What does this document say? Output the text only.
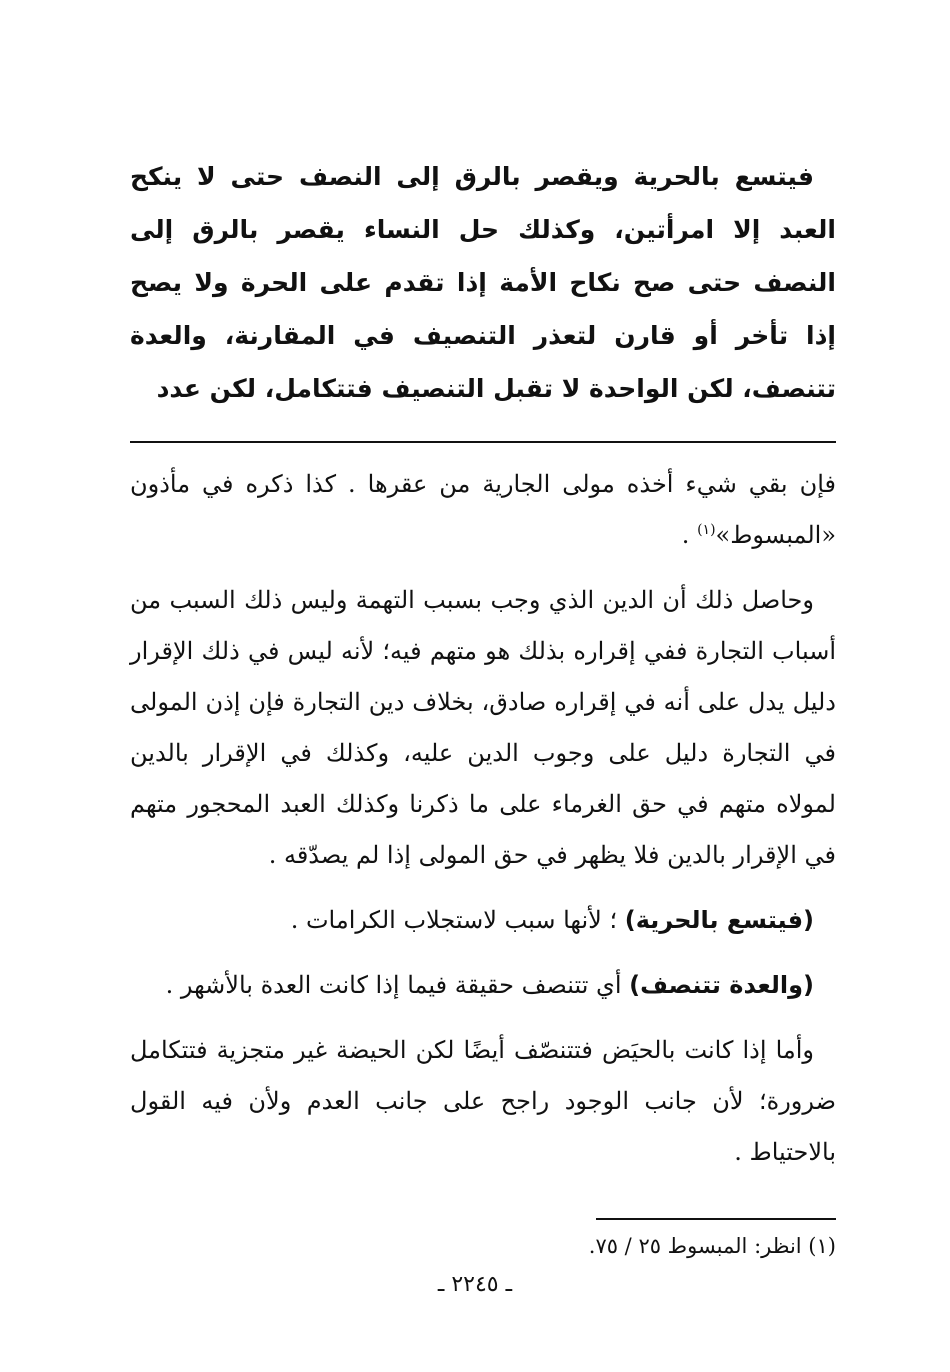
فيتسع بالحرية ويقصر بالرق إلى النصف حتى لا ينكح العبد إلا امرأتين، وكذلك حل النساء يقصر بالرق إلى النصف حتى صح نكاح الأمة إذا تقدم على الحرة ولا يصح إذا تأخر أو قارن لتعذر التنصيف في المقارنة، والعدة تتنصف، لكن الواحدة لا تقبل التنصيف فتتكامل، لكن عدد

فإن بقي شيء أخذه مولى الجارية من عقرها . كذا ذكره في مأذون «المبسوط»$^{(١)}$ .

وحاصل ذلك أن الدين الذي وجب بسبب التهمة وليس ذلك السبب من أسباب التجارة ففي إقراره بذلك هو متهم فيه؛ لأنه ليس في ذلك الإقرار دليل يدل على أنه في إقراره صادق، بخلاف دين التجارة فإن إذن المولى في التجارة دليل على وجوب الدين عليه، وكذلك في الإقرار بالدين لمولاه متهم في حق الغرماء على ما ذكرنا وكذلك العبد المحجور متهم في الإقرار بالدين فلا يظهر في حق المولى إذا لم يصدّقه .

(فيتسع بالحرية) ؛ لأنها سبب لاستجلاب الكرامات .

(والعدة تتنصف) أي تتنصف حقيقة فيما إذا كانت العدة بالأشهر .

وأما إذا كانت بالحيَض فتتنصّف أيضًا لكن الحيضة غير متجزية فتتكامل ضرورة؛ لأن جانب الوجود راجح على جانب العدم ولأن فيه القول بالاحتياط .

(١) انظر: المبسوط ٢٥ / ٧٥.
ـ ٢٢٤٥ ـ
